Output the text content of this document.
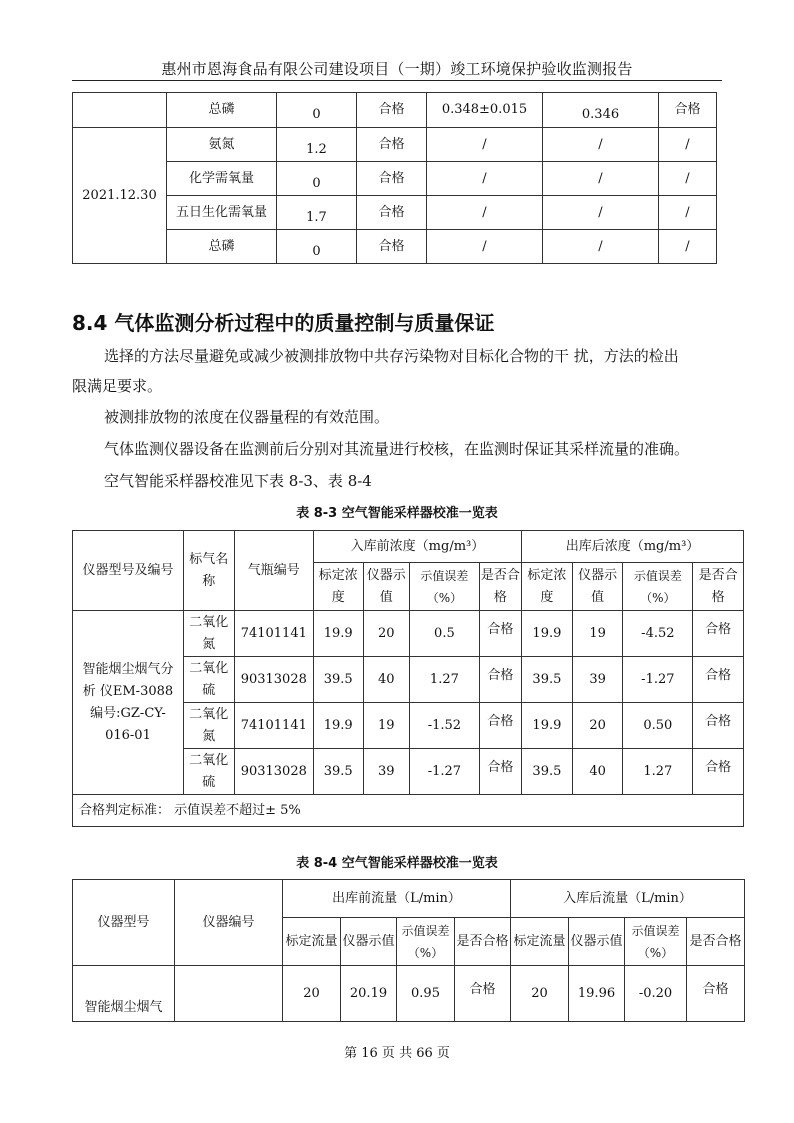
惠州市恩海食品有限公司建设项目（一期）竣工环境保护验收监测报告
	总磷	0	合格	0.348±0.015	0.346	合格
2021.12.30	氨氮	1.2	合格	/	/	/
	化学需氧量	0	合格	/	/	/
	五日生化需氧量	1.7	合格	/	/	/
	总磷	0	合格	/	/	/
8.4 气体监测分析过程中的质量控制与质量保证
选择的方法尽量避免或减少被测排放物中共存污染物对目标化合物的干 扰，方法的检出
限满足要求。
被测排放物的浓度在仪器量程的有效范围。
气体监测仪器设备在监测前后分别对其流量进行校核，在监测时保证其采样流量的准确。
空气智能采样器校准见下表 8-3、表 8-4
表 8-3 空气智能采样器校准一览表
仪器型号及编号	标气名称	气瓶编号	入库前浓度（mg/m³）				出库后浓度（mg/m³）			
			标定浓度	仪器示值	示值误差（%）	是否合格	标定浓度	仪器示值	示值误差（%）	是否合格
智能烟尘烟气分 析 仪EM-3088 编号:GZ-CY-016-01	二氧化氮	74101141	19.9	20	0.5	合格	19.9	19	-4.52	合格
	二氧化硫	90313028	39.5	40	1.27	合格	39.5	39	-1.27	合格
	二氧化氮	74101141	19.9	19	-1.52	合格	19.9	20	0.50	合格
	二氧化硫	90313028	39.5	39	-1.27	合格	39.5	40	1.27	合格
合格判定标准： 示值误差不超过± 5%										
表 8-4 空气智能采样器校准一览表
仪器型号	仪器编号	出库前流量（L/min）				入库后流量（L/min）			
		标定流量	仪器示值	示值误差（%）	是否合格	标定流量	仪器示值	示值误差（%）	是否合格
智能烟尘烟气		20	20.19	0.95	合格	20	19.96	-0.20	合格
第 16 页 共 66 页
